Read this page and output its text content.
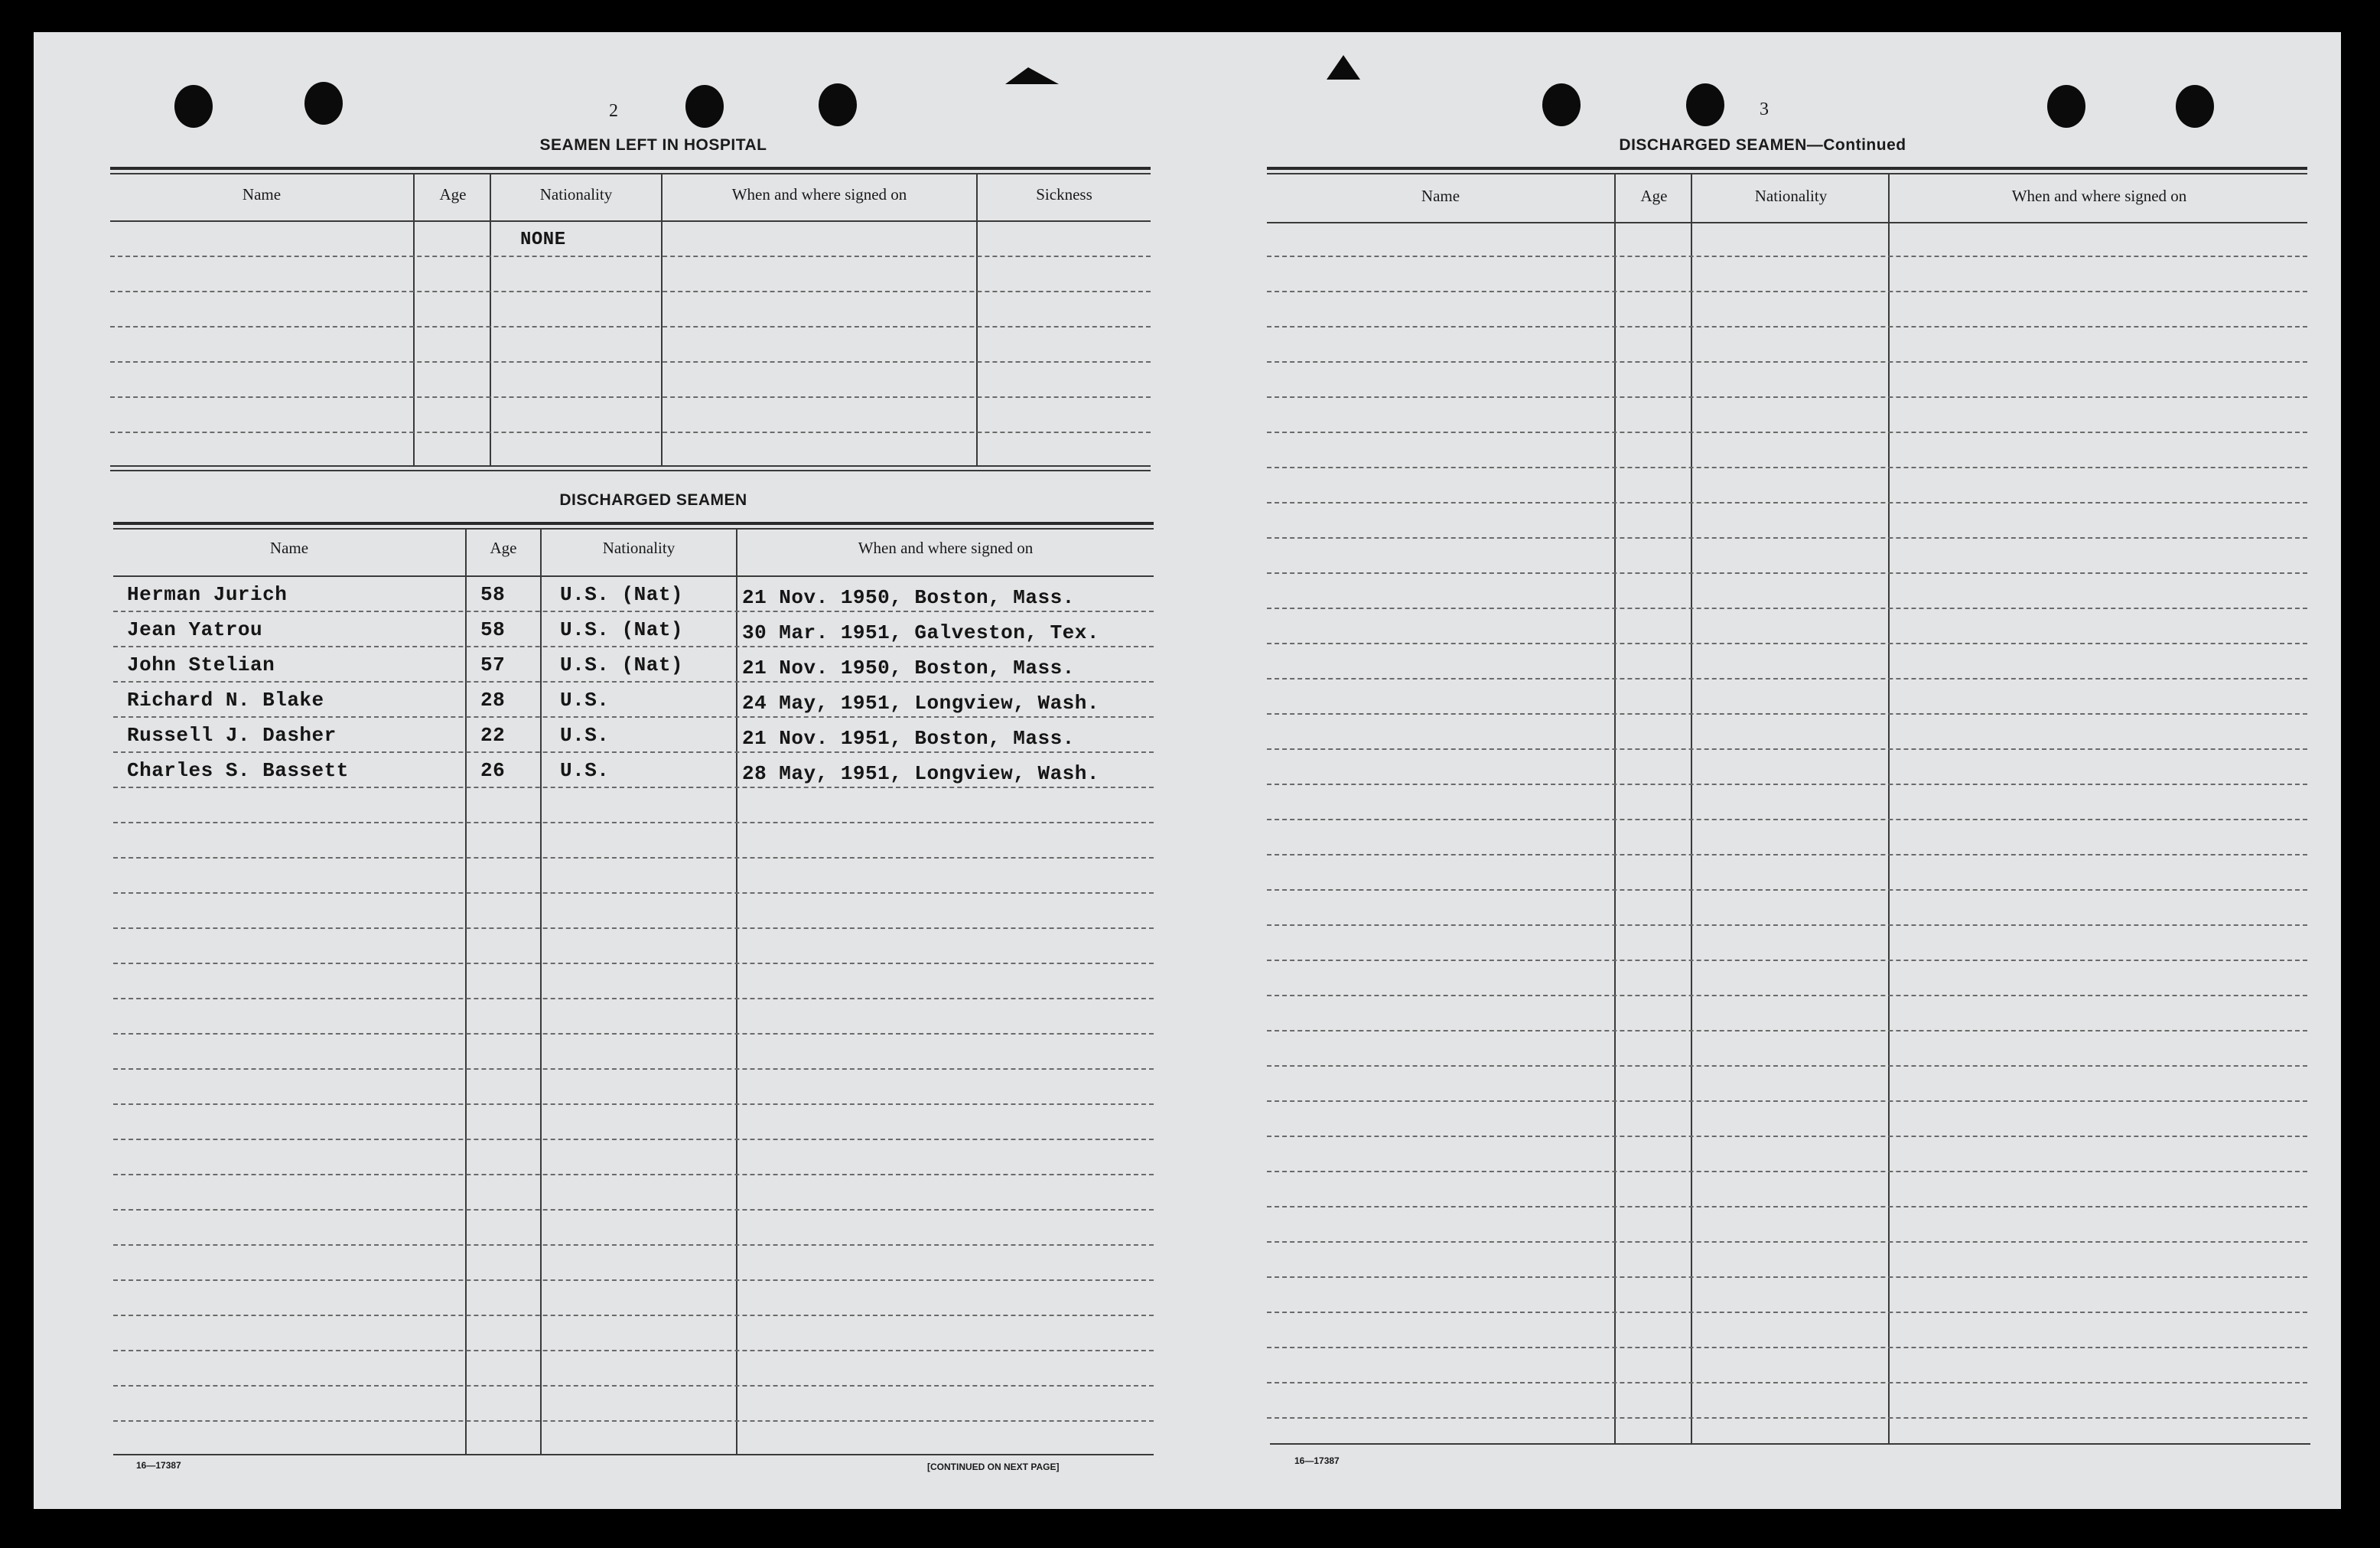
2
SEAMEN LEFT IN HOSPITAL
Name	Age	Nationality	When and where signed on	Sickness
NONE
DISCHARGED SEAMEN
Name	Age	Nationality	When and where signed on
Herman Jurich	58	U.S. (Nat)	21 Nov. 1950, Boston, Mass.
Jean Yatrou	58	U.S. (Nat)	30 Mar. 1951, Galveston, Tex.
John Stelian	57	U.S. (Nat)	21 Nov. 1950, Boston, Mass.
Richard N. Blake	28	U.S.	24 May, 1951, Longview, Wash.
Russell J. Dasher	22	U.S.	21 Nov. 1951, Boston, Mass.
Charles S. Bassett	26	U.S.	28 May, 1951, Longview, Wash.
16—17387	[CONTINUED ON NEXT PAGE]
3
DISCHARGED SEAMEN—Continued
Name	Age	Nationality	When and where signed on
16—17387
